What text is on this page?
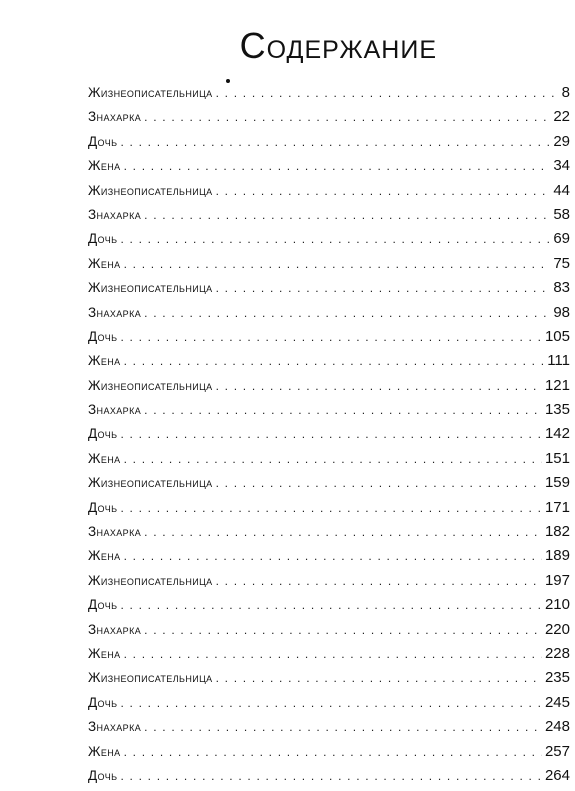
Содержание
Жизнеописательница . . .	8
Знахарка . . .	22
Дочь . . .	29
Жена . . .	34
Жизнеописательница . . .	44
Знахарка . . .	58
Дочь . . .	69
Жена . . .	75
Жизнеописательница . . .	83
Знахарка . . .	98
Дочь . . .	105
Жена . . .	111
Жизнеописательница . . .	121
Знахарка . . .	135
Дочь . . .	142
Жена . . .	151
Жизнеописательница . . .	159
Дочь . . .	171
Знахарка . . .	182
Жена . . .	189
Жизнеописательница . . .	197
Дочь . . .	210
Знахарка . . .	220
Жена . . .	228
Жизнеописательница . . .	235
Дочь . . .	245
Знахарка . . .	248
Жена . . .	257
Дочь . . .	264
